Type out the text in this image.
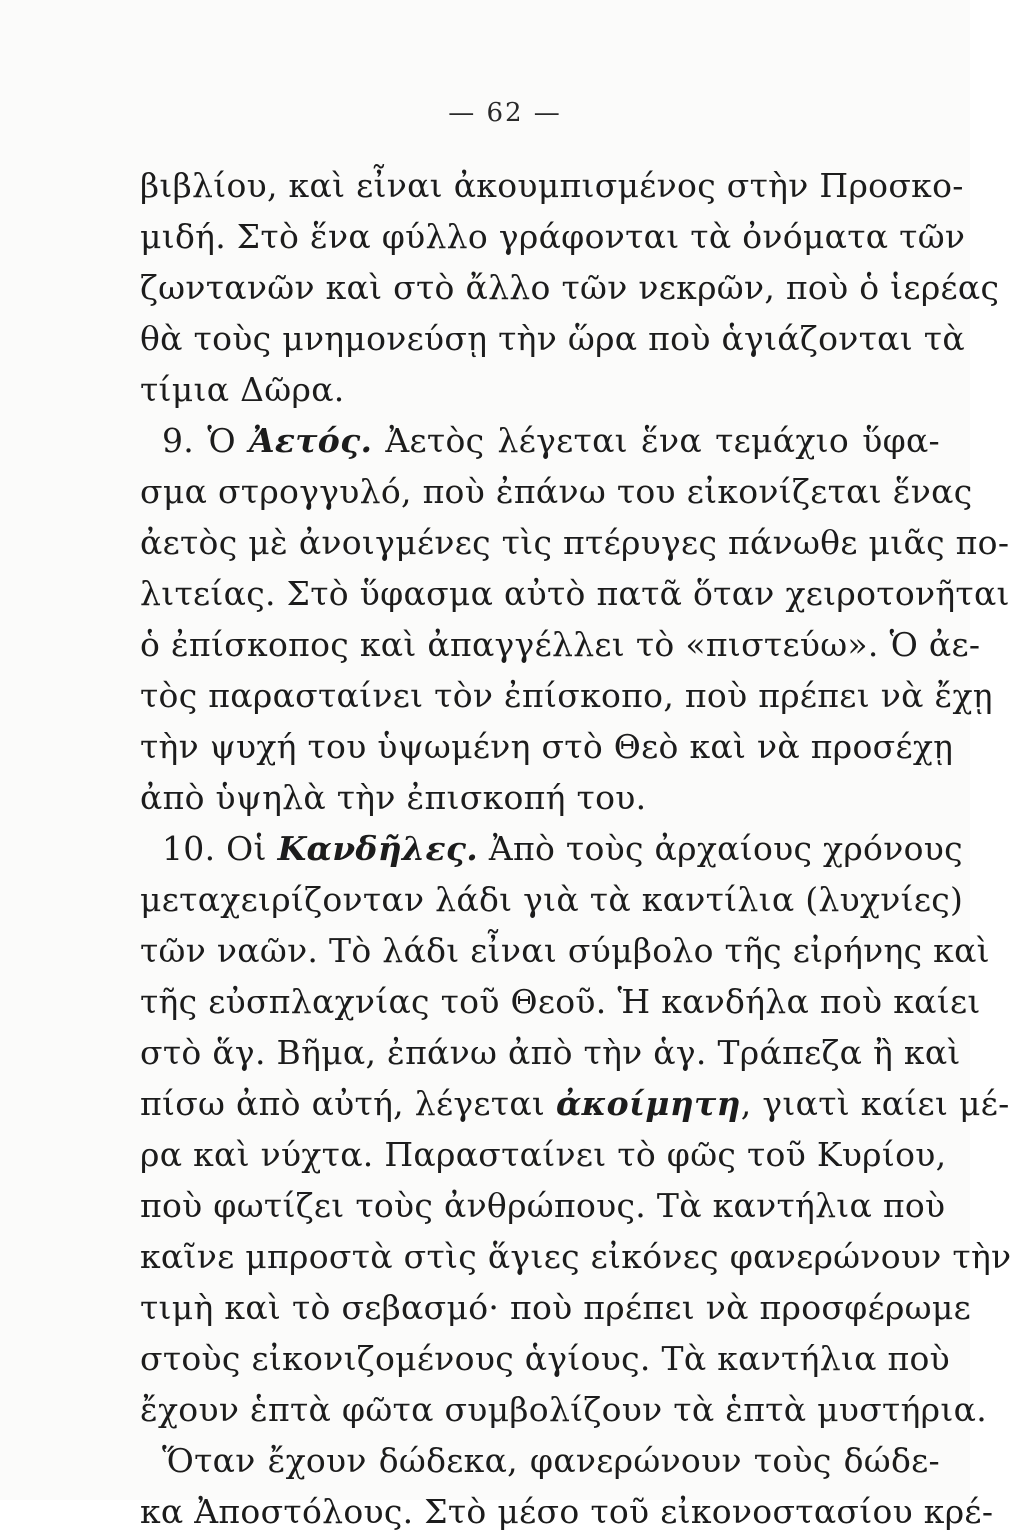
— 62 —
βιβλίου, καὶ εἶναι ἀκουμπισμένος στὴν Προσκο-
μιδή. Στὸ ἕνα φύλλο γράφονται τὰ ὀνόματα τῶν
ζωντανῶν καὶ στὸ ἄλλο τῶν νεκρῶν, ποὺ ὁ ἱερέας
θὰ τοὺς μνημονεύσῃ τὴν ὥρα ποὺ ἁγιάζονται τὰ
τίμια Δῶρα.
9. Ὁ Ἀετός. Ἀετὸς λέγεται ἕνα τεμάχιο ὕφα-
σμα στρογγυλό, ποὺ ἐπάνω του εἰκονίζεται ἕνας
ἀετὸς μὲ ἀνοιγμένες τὶς πτέρυγες πάνωθε μιᾶς πο-
λιτείας. Στὸ ὕφασμα αὐτὸ πατᾶ ὅταν χειροτονῆται
ὁ ἐπίσκοπος καὶ ἀπαγγέλλει τὸ «πιστεύω». Ὁ ἀε-
τὸς παρασταίνει τὸν ἐπίσκοπο, ποὺ πρέπει νὰ ἔχῃ
τὴν ψυχή του ὑψωμένη στὸ Θεὸ καὶ νὰ προσέχῃ
ἀπὸ ὑψηλὰ τὴν ἐπισκοπή του.
10. Οἱ Κανδῆλες. Ἀπὸ τοὺς ἀρχαίους χρόνους
μεταχειρίζονταν λάδι γιὰ τὰ καντίλια (λυχνίες)
τῶν ναῶν. Τὸ λάδι εἶναι σύμβολο τῆς εἰρήνης καὶ
τῆς εὐσπλαχνίας τοῦ Θεοῦ. Ἡ κανδήλα ποὺ καίει
στὸ ἅγ. Βῆμα, ἐπάνω ἀπὸ τὴν ἁγ. Τράπεζα ἢ καὶ
πίσω ἀπὸ αὐτή, λέγεται ἀκοίμητη, γιατὶ καίει μέ-
ρα καὶ νύχτα. Παρασταίνει τὸ φῶς τοῦ Κυρίου,
ποὺ φωτίζει τοὺς ἀνθρώπους. Τὰ καντήλια ποὺ
καῖνε μπροστὰ στὶς ἅγιες εἰκόνες φανερώνουν τὴν
τιμὴ καὶ τὸ σεβασμό· ποὺ πρέπει νὰ προσφέρωμε
στοὺς εἰκονιζομένους ἁγίους. Τὰ καντήλια ποὺ
ἔχουν ἑπτὰ φῶτα συμβολίζουν τὰ ἑπτὰ μυστήρια.
Ὅταν ἔχουν δώδεκα, φανερώνουν τοὺς δώδε-
κα Ἀποστόλους. Στὸ μέσο τοῦ εἰκονοστασίου κρέ-
